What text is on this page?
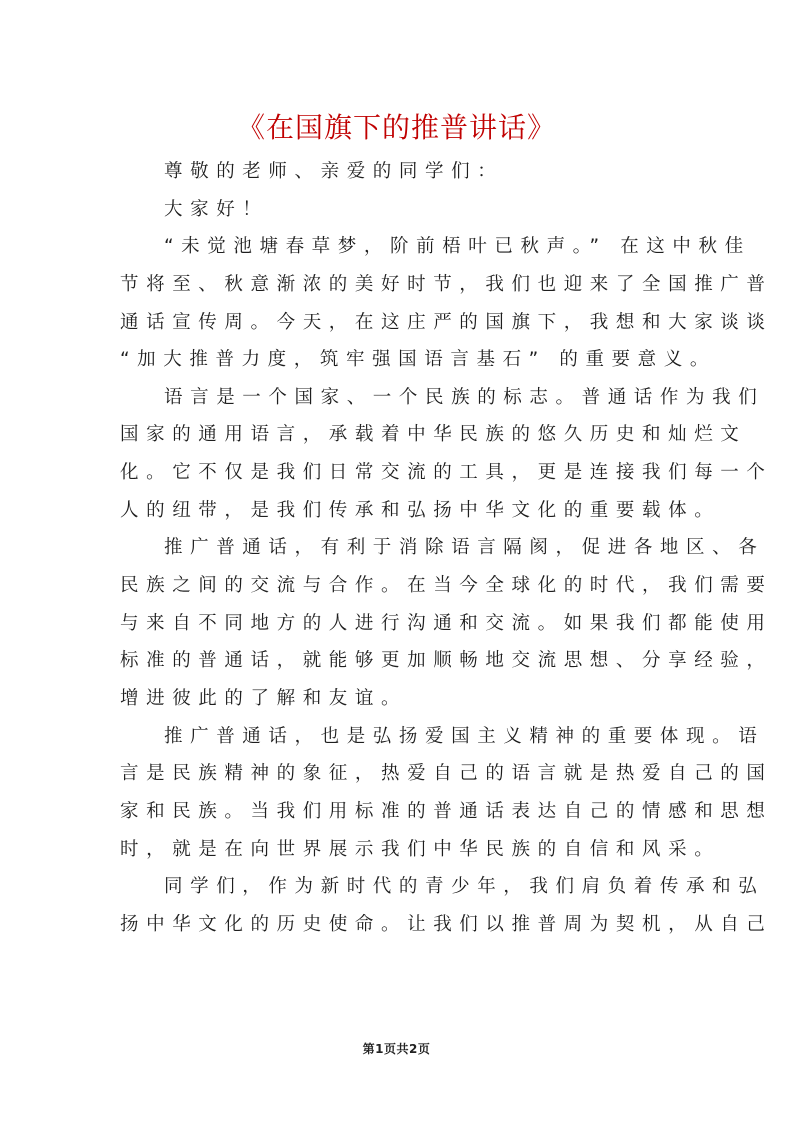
《在国旗下的推普讲话》
尊敬的老师、亲爱的同学们：
大家好！
“未觉池塘春草梦，阶前梧叶已秋声。” 在这中秋佳
节将至、秋意渐浓的美好时节，我们也迎来了全国推广普
通话宣传周。今天，在这庄严的国旗下，我想和大家谈谈
“加大推普力度，筑牢强国语言基石” 的重要意义。
语言是一个国家、一个民族的标志。普通话作为我们
国家的通用语言，承载着中华民族的悠久历史和灿烂文
化。它不仅是我们日常交流的工具，更是连接我们每一个
人的纽带，是我们传承和弘扬中华文化的重要载体。
推广普通话，有利于消除语言隔阂，促进各地区、各
民族之间的交流与合作。在当今全球化的时代，我们需要
与来自不同地方的人进行沟通和交流。如果我们都能使用
标准的普通话，就能够更加顺畅地交流思想、分享经验，
增进彼此的了解和友谊。
推广普通话，也是弘扬爱国主义精神的重要体现。语
言是民族精神的象征，热爱自己的语言就是热爱自己的国
家和民族。当我们用标准的普通话表达自己的情感和思想
时，就是在向世界展示我们中华民族的自信和风采。
同学们，作为新时代的青少年，我们肩负着传承和弘
扬中华文化的历史使命。让我们以推普周为契机，从自己
第1页共2页
